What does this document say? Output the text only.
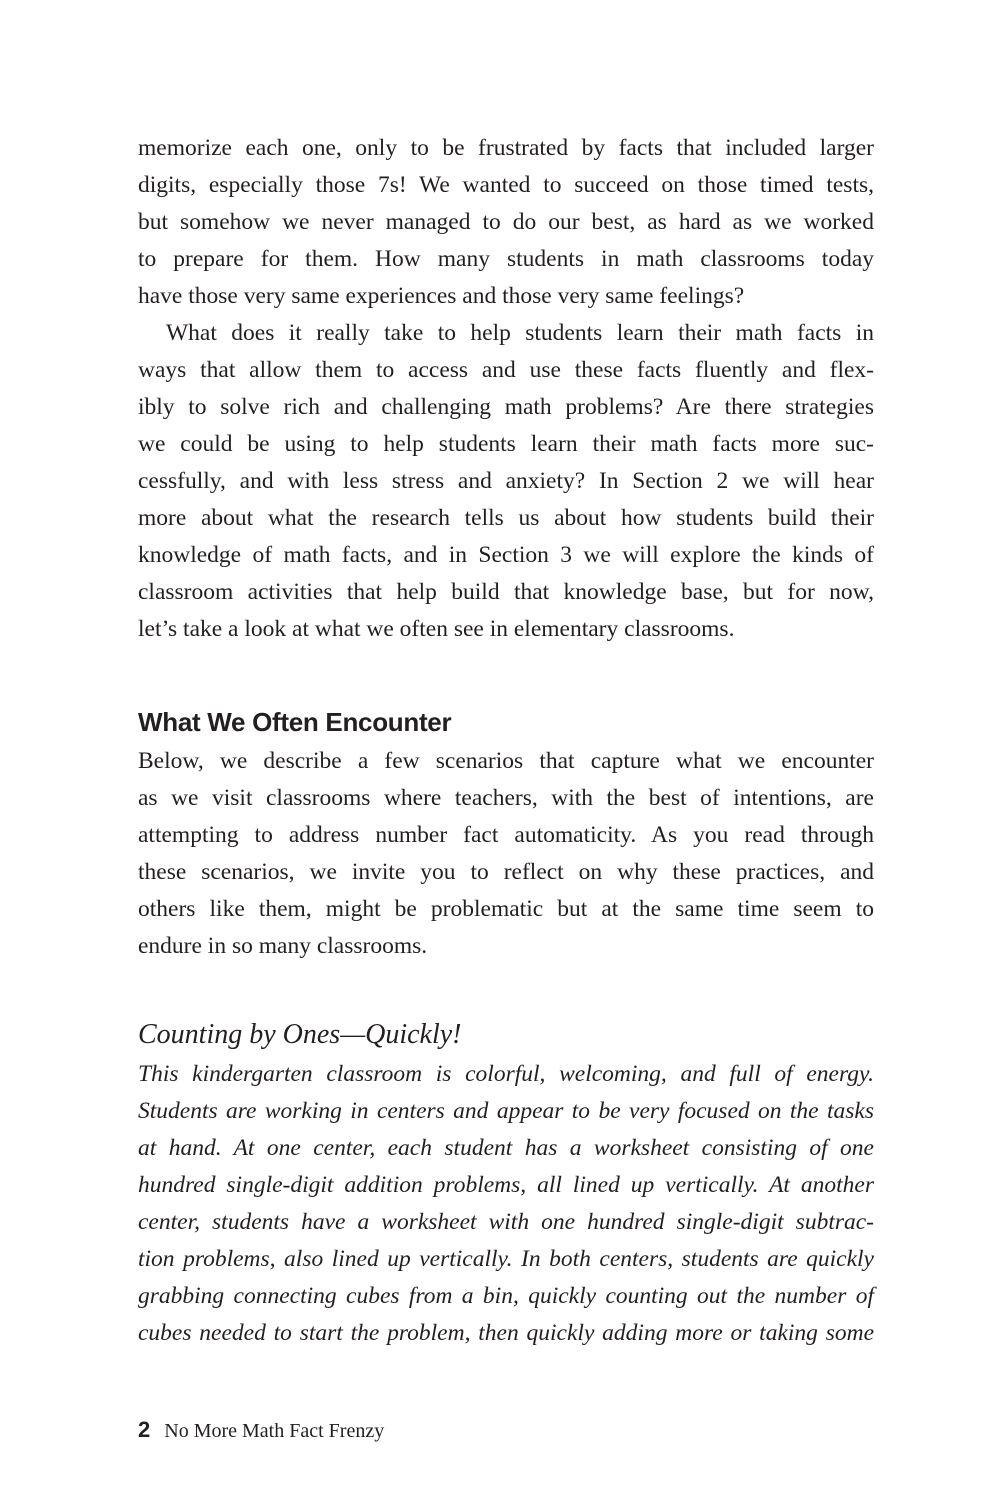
memorize each one, only to be frustrated by facts that included larger
digits, especially those 7s! We wanted to succeed on those timed tests,
but somehow we never managed to do our best, as hard as we worked
to prepare for them. How many students in math classrooms today
have those very same experiences and those very same feelings?
What does it really take to help students learn their math facts in
ways that allow them to access and use these facts fluently and flex-
ibly to solve rich and challenging math problems? Are there strategies
we could be using to help students learn their math facts more suc-
cessfully, and with less stress and anxiety? In Section 2 we will hear
more about what the research tells us about how students build their
knowledge of math facts, and in Section 3 we will explore the kinds of
classroom activities that help build that knowledge base, but for now,
let’s take a look at what we often see in elementary classrooms.
What We Often Encounter
Below, we describe a few scenarios that capture what we encounter
as we visit classrooms where teachers, with the best of intentions, are
attempting to address number fact automaticity. As you read through
these scenarios, we invite you to reflect on why these practices, and
others like them, might be problematic but at the same time seem to
endure in so many classrooms.
Counting by Ones—Quickly!
This kindergarten classroom is colorful, welcoming, and full of energy.
Students are working in centers and appear to be very focused on the tasks
at hand. At one center, each student has a worksheet consisting of one
hundred single-digit addition problems, all lined up vertically. At another
center, students have a worksheet with one hundred single-digit subtrac-
tion problems, also lined up vertically. In both centers, students are quickly
grabbing connecting cubes from a bin, quickly counting out the number of
cubes needed to start the problem, then quickly adding more or taking some
2 No More Math Fact Frenzy
